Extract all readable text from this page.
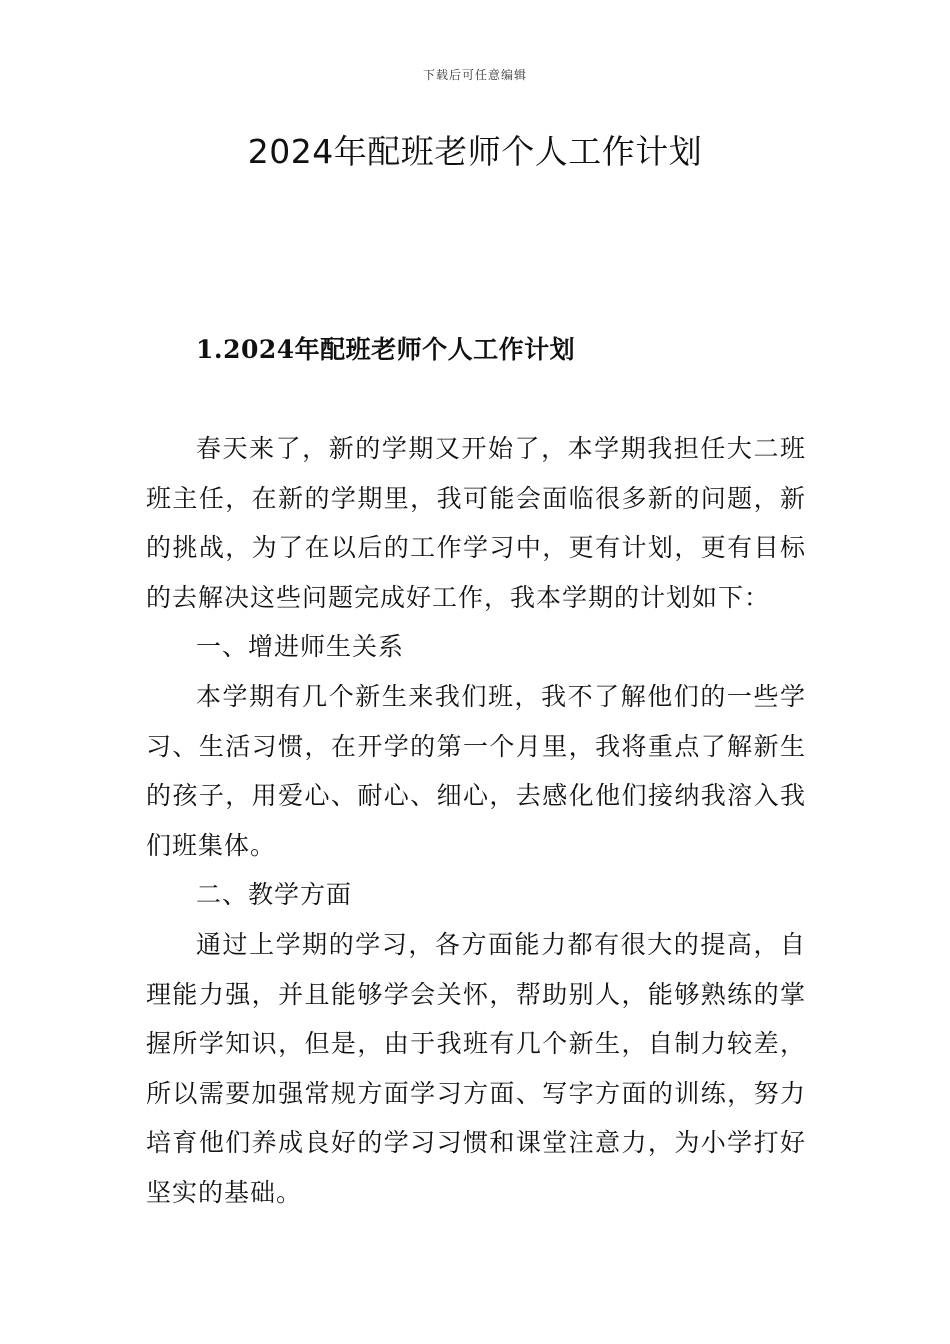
下载后可任意编辑
2024年配班老师个人工作计划
1.2024年配班老师个人工作计划

春天来了，新的学期又开始了，本学期我担任大二班班主任，在新的学期里，我可能会面临很多新的问题，新的挑战，为了在以后的工作学习中，更有计划，更有目标的去解决这些问题完成好工作，我本学期的计划如下：

一、增进师生关系

本学期有几个新生来我们班，我不了解他们的一些学习、生活习惯，在开学的第一个月里，我将重点了解新生的孩子，用爱心、耐心、细心，去感化他们接纳我溶入我们班集体。

二、教学方面

通过上学期的学习，各方面能力都有很大的提高，自理能力强，并且能够学会关怀，帮助别人，能够熟练的掌握所学知识，但是，由于我班有几个新生，自制力较差，所以需要加强常规方面学习方面、写字方面的训练，努力培育他们养成良好的学习习惯和课堂注意力，为小学打好坚实的基础。
